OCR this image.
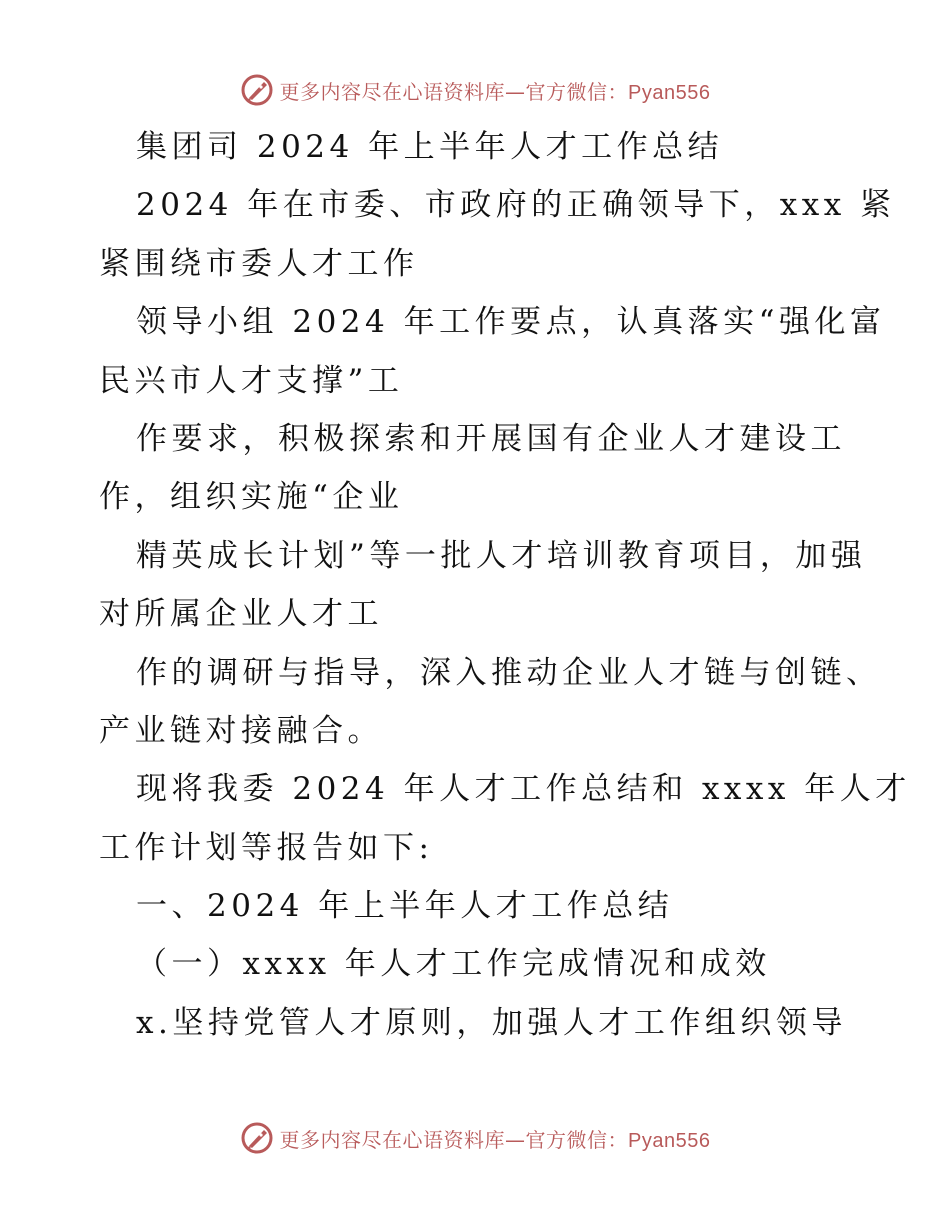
更多内容尽在心语资料库—官方微信：Pyan556
集团司 2024 年上半年人才工作总结
2024 年在市委、市政府的正确领导下，xxx 紧
紧围绕市委人才工作
领导小组 2024 年工作要点，认真落实“强化富
民兴市人才支撑”工
作要求，积极探索和开展国有企业人才建设工
作，组织实施“企业
精英成长计划”等一批人才培训教育项目，加强
对所属企业人才工
作的调研与指导，深入推动企业人才链与创链、
产业链对接融合。
现将我委 2024 年人才工作总结和 xxxx 年人才
工作计划等报告如下:
一、2024 年上半年人才工作总结
（一）xxxx 年人才工作完成情况和成效
x.坚持党管人才原则，加强人才工作组织领导
更多内容尽在心语资料库—官方微信：Pyan556
